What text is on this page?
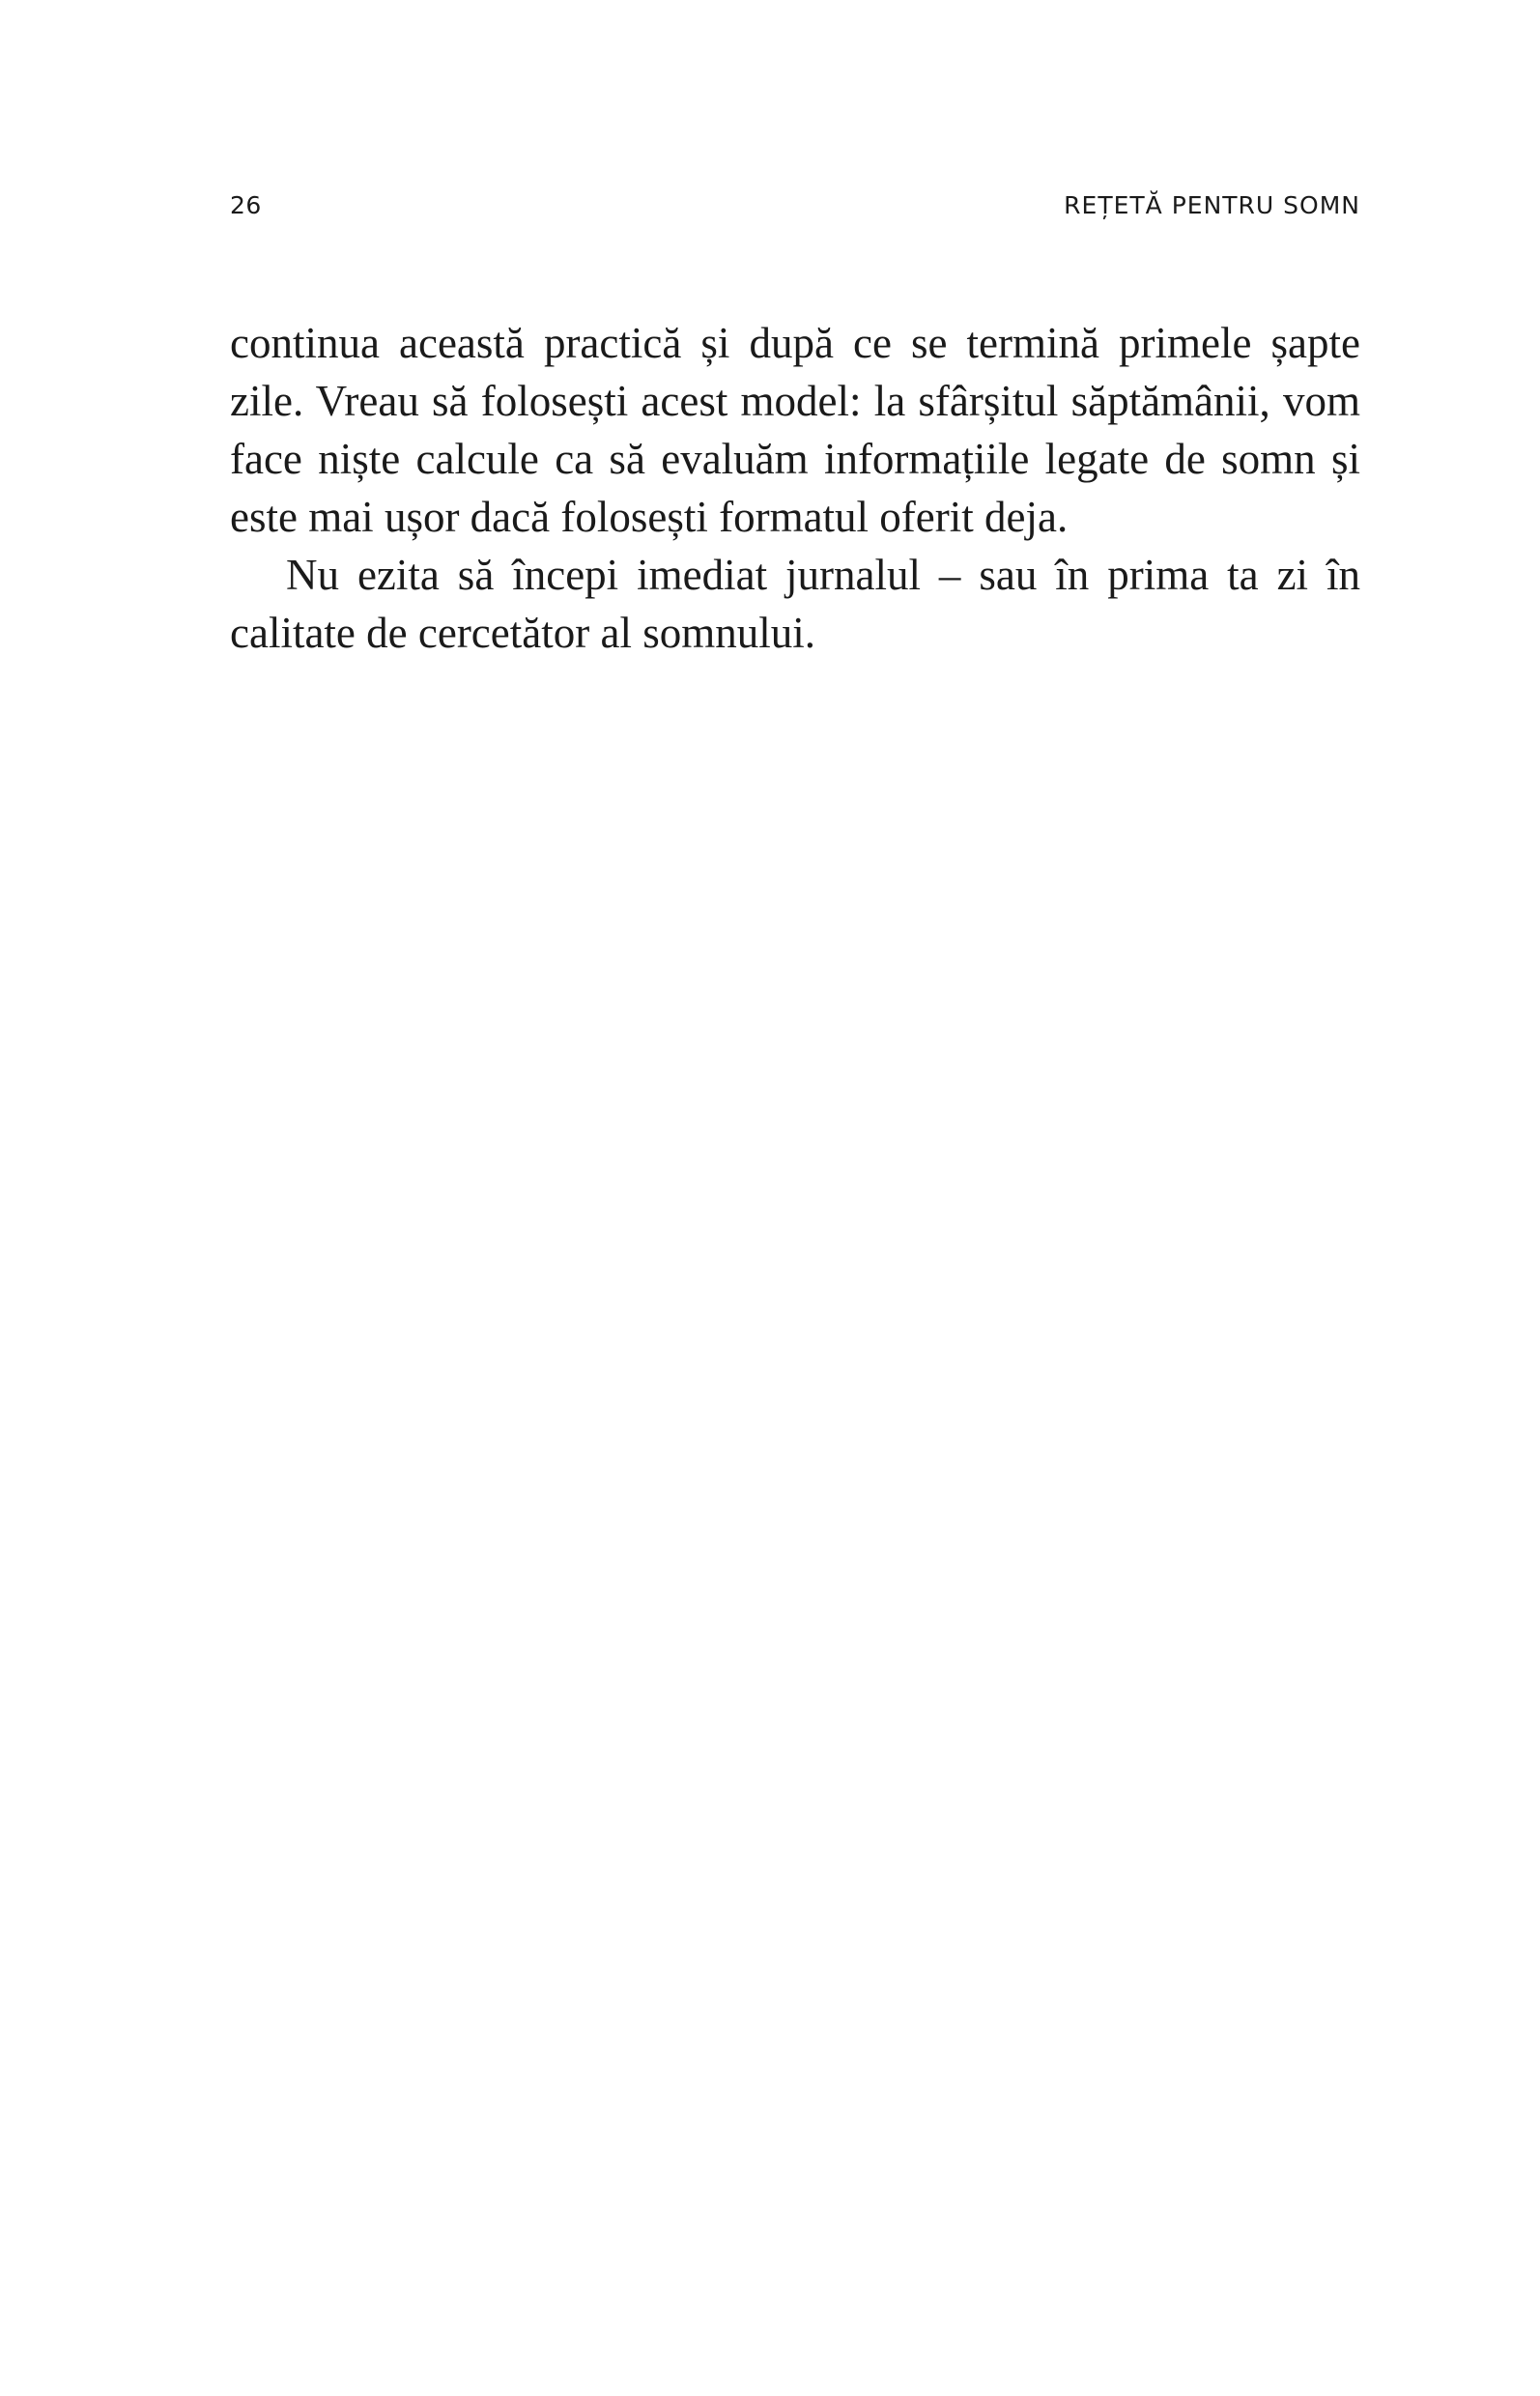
26	REȚETĂ PENTRU SOMN

continua această practică și după ce se termină primele șapte zile. Vreau să folosești acest model: la sfârșitul săptămânii, vom face niște calcule ca să evaluăm informațiile legate de somn și este mai ușor dacă folosești formatul oferit deja.

Nu ezita să începi imediat jurnalul – sau în prima ta zi în calitate de cercetător al somnului.
